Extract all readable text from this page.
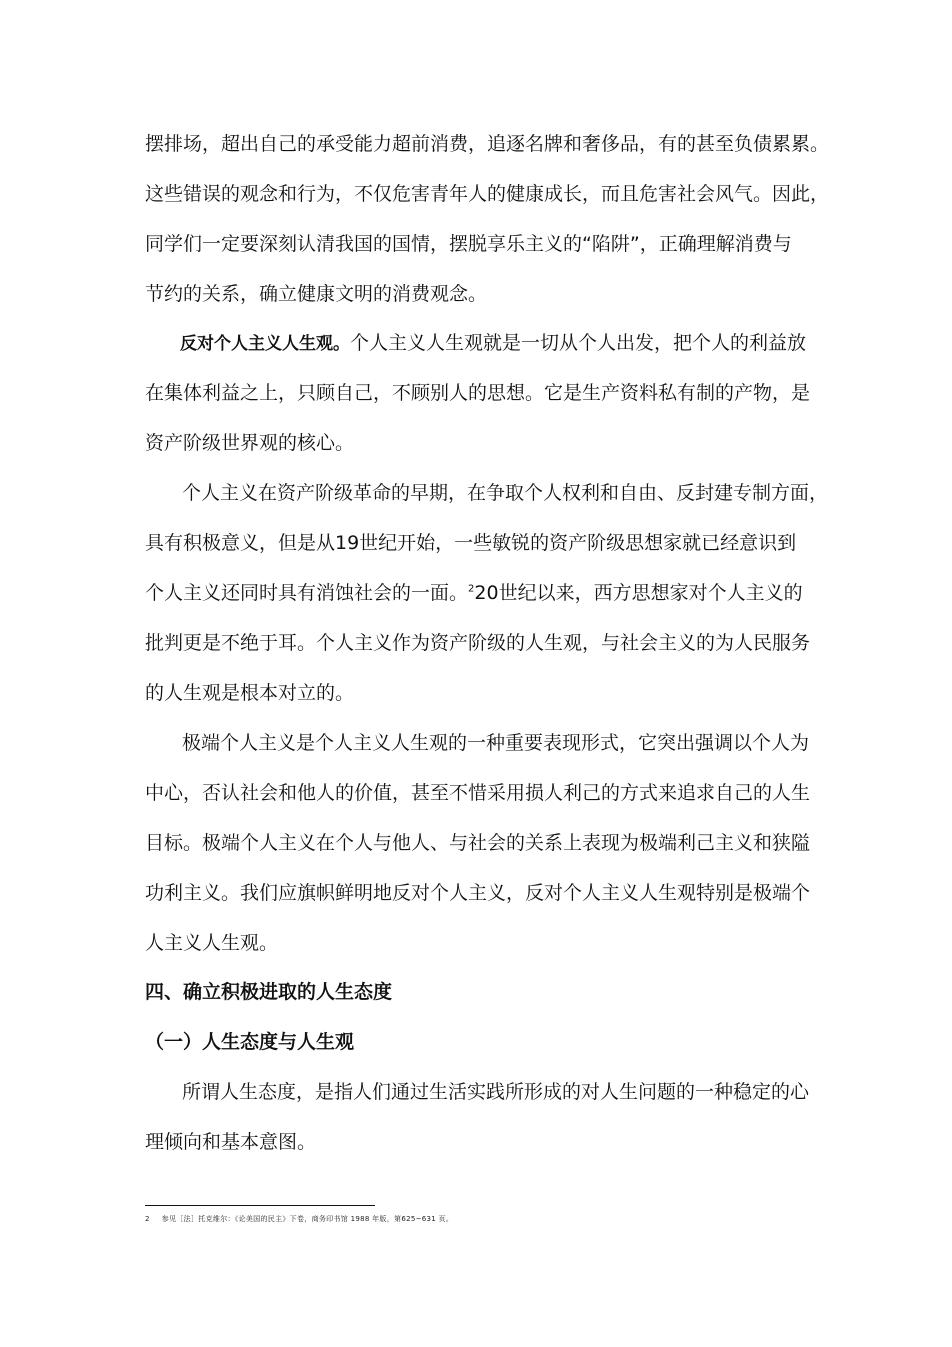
摆排场，超出自己的承受能力超前消费，追逐名牌和奢侈品，有的甚至负债累累。
这些错误的观念和行为，不仅危害青年人的健康成长，而且危害社会风气。因此，
同学们一定要深刻认清我国的国情，摆脱享乐主义的“陷阱”，正确理解消费与
节约的关系，确立健康文明的消费观念。
反对个人主义人生观。个人主义人生观就是一切从个人出发，把个人的利益放
在集体利益之上，只顾自己，不顾别人的思想。它是生产资料私有制的产物，是
资产阶级世界观的核心。
个人主义在资产阶级革命的早期，在争取个人权利和自由、反封建专制方面，
具有积极意义，但是从19世纪开始，一些敏锐的资产阶级思想家就已经意识到
个人主义还同时具有消蚀社会的一面。$^2$20世纪以来，西方思想家对个人主义的
批判更是不绝于耳。个人主义作为资产阶级的人生观，与社会主义的为人民服务
的人生观是根本对立的。
极端个人主义是个人主义人生观的一种重要表现形式，它突出强调以个人为
中心，否认社会和他人的价值，甚至不惜采用损人利己的方式来追求自己的人生
目标。极端个人主义在个人与他人、与社会的关系上表现为极端利己主义和狭隘
功利主义。我们应旗帜鲜明地反对个人主义，反对个人主义人生观特别是极端个
人主义人生观。
四、确立积极进取的人生态度
（一）人生态度与人生观
所谓人生态度，是指人们通过生活实践所形成的对人生问题的一种稳定的心
理倾向和基本意图。
2 参见［法］托克维尔：《论美国的民主》下卷，商务印书馆 1988 年版，第625~631 页。
